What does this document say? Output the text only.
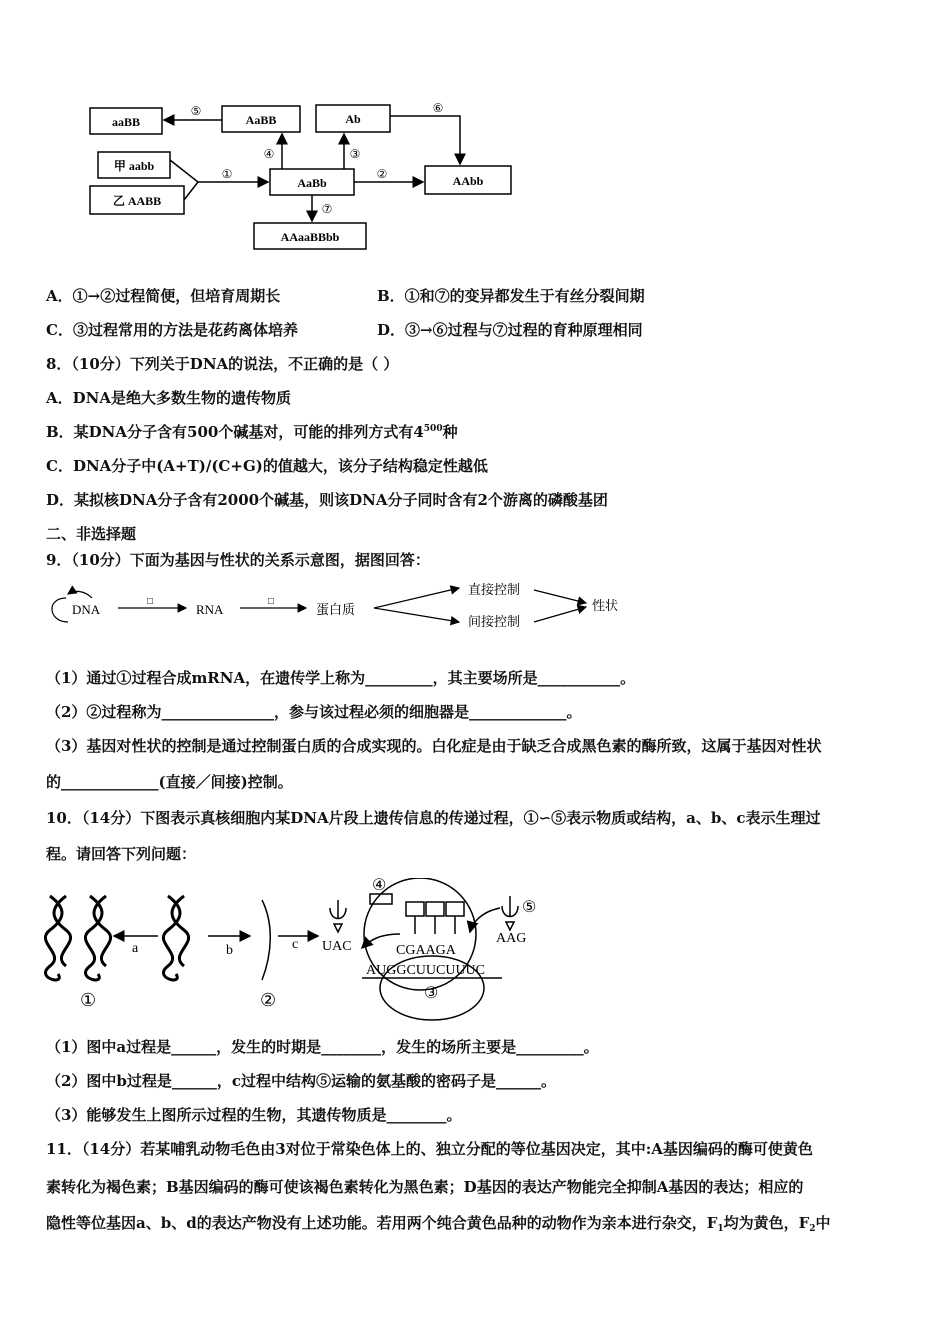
aaBB	AaBB	Ab
甲 aabb
乙 AABB
AaBb	AAbb
AAaaBBbb
⑤
④	③
⑥
①	②
⑦
A．①→②过程简便，但培育周期长	B．①和⑦的变异都发生于有丝分裂间期
C．③过程常用的方法是花药离体培养	D．③→⑥过程与⑦过程的育种原理相同
8．（10分）下列关于DNA的说法，不正确的是（ ）
A．DNA是绝大多数生物的遗传物质
B．某DNA分子含有500个碱基对，可能的排列方式有$4^{500}$种
C．DNA分子中(A+T)/(C+G)的值越大，该分子结构稳定性越低
D．某拟核DNA分子含有2000个碱基，则该DNA分子同时含有2个游离的磷酸基团
二、非选择题
9．（10分）下面为基因与性状的关系示意图，据图回答：
DNA	RNA	蛋白质
直接控制
间接控制
性状
□	□
（1）通过①过程合成mRNA，在遗传学上称为_________，其主要场所是___________。
（2）②过程称为_______________，参与该过程必须的细胞器是_____________。
（3）基因对性状的控制是通过控制蛋白质的合成实现的。白化症是由于缺乏合成黑色素的酶所致，这属于基因对性状
的_____________(直接／间接)控制。
10．（14分）下图表示真核细胞内某DNA片段上遗传信息的传递过程，①∽⑤表示物质或结构，a、b、c表示生理过
程。请回答下列问题：
a	b	c
①	②	③
④
⑤
UAC	CGAAGA
AUGGCUUCUUUC
AAG
（1）图中a过程是______，发生的时期是________，发生的场所主要是_________。
（2）图中b过程是______，c过程中结构⑤运输的氨基酸的密码子是______。
（3）能够发生上图所示过程的生物，其遗传物质是________。
11．（14分）若某哺乳动物毛色由3对位于常染色体上的、独立分配的等位基因决定，其中:A基因编码的酶可使黄色
素转化为褐色素；B基因编码的酶可使该褐色素转化为黑色素；D基因的表达产物能完全抑制A基因的表达；相应的
隐性等位基因a、b、d的表达产物没有上述功能。若用两个纯合黄色品种的动物作为亲本进行杂交，$F_1$均为黄色，$F_2$中
